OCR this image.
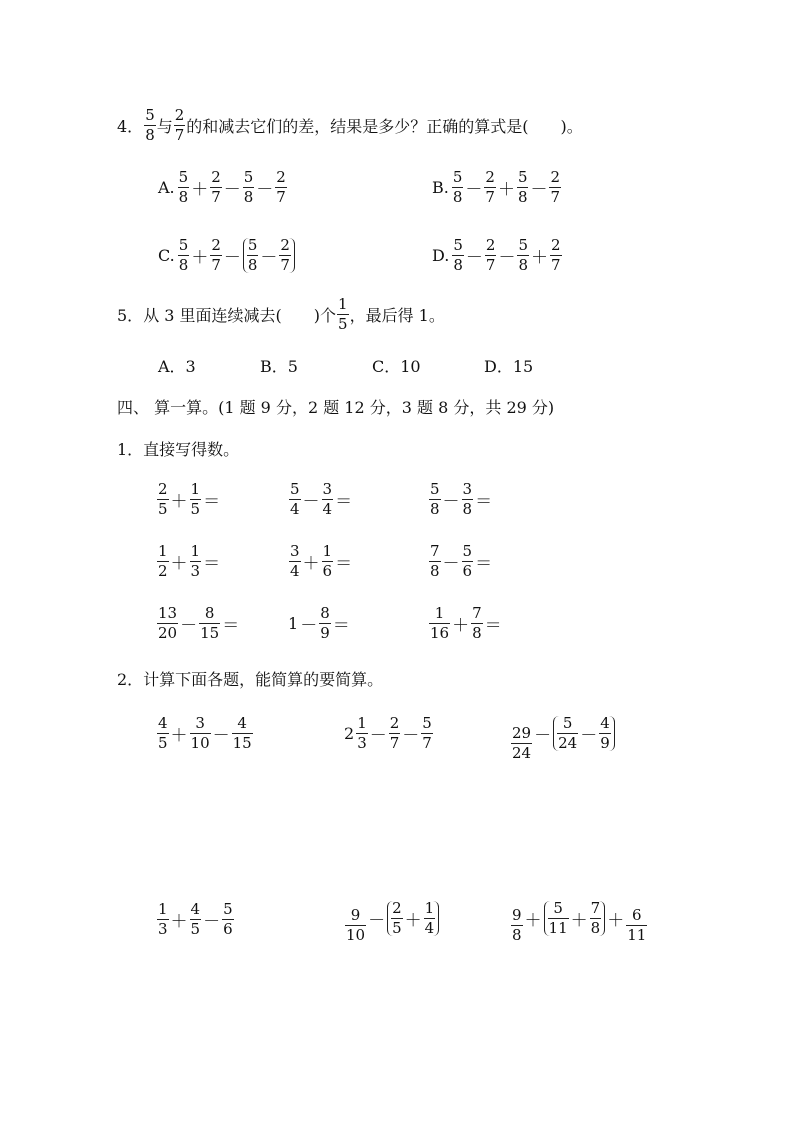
4． $\frac{5}{8}$ 与 $\frac{2}{7}$ 的和减去它们的差，结果是多少？正确的算式是( )。
A. $\frac{5}{8} + \frac{2}{7} - \frac{5}{8} - \frac{2}{7}$	B. $\frac{5}{8} - \frac{2}{7} + \frac{5}{8} - \frac{2}{7}$
C. $\frac{5}{8} + \frac{2}{7} - \frac{5}{8} - \frac{2}{7}$	D. $\frac{5}{8} - \frac{2}{7} - \frac{5}{8} + \frac{2}{7}$
5． 从 3 里面连续减去( )个 $\frac{1}{5}$ ，最后得 1。
A．3	B．5	C．10	D．15
四、 算一算。(1 题 9 分，2 题 12 分，3 题 8 分，共 29 分)
1．直接写得数。
$\frac{2}{5} + \frac{1}{5}$ ＝	$\frac{5}{4} - \frac{3}{4}$ ＝	$\frac{5}{8} - \frac{3}{8}$ ＝
$\frac{1}{2} + \frac{1}{3}$ ＝	$\frac{3}{4} + \frac{1}{6}$ ＝	$\frac{7}{8} - \frac{5}{6}$ ＝
$\frac{13}{20} - \frac{8}{15}$ ＝	$1 - \frac{8}{9}$ ＝	$\frac{1}{16} + \frac{7}{8}$ ＝
2．计算下面各题，能简算的要简算。
$\frac{4}{5} + \frac{3}{10} - \frac{4}{15}$	$2 \frac{1}{3} - \frac{2}{7} - \frac{5}{7}$	$\frac{29}{24} - \frac{5}{24} - \frac{4}{9}$
$\frac{1}{3} + \frac{4}{5} - \frac{5}{6}$	$\frac{9}{10} - \frac{2}{5} + \frac{1}{4}$	$\frac{9}{8} + \frac{5}{11} + \frac{7}{8} + \frac{6}{11}$
